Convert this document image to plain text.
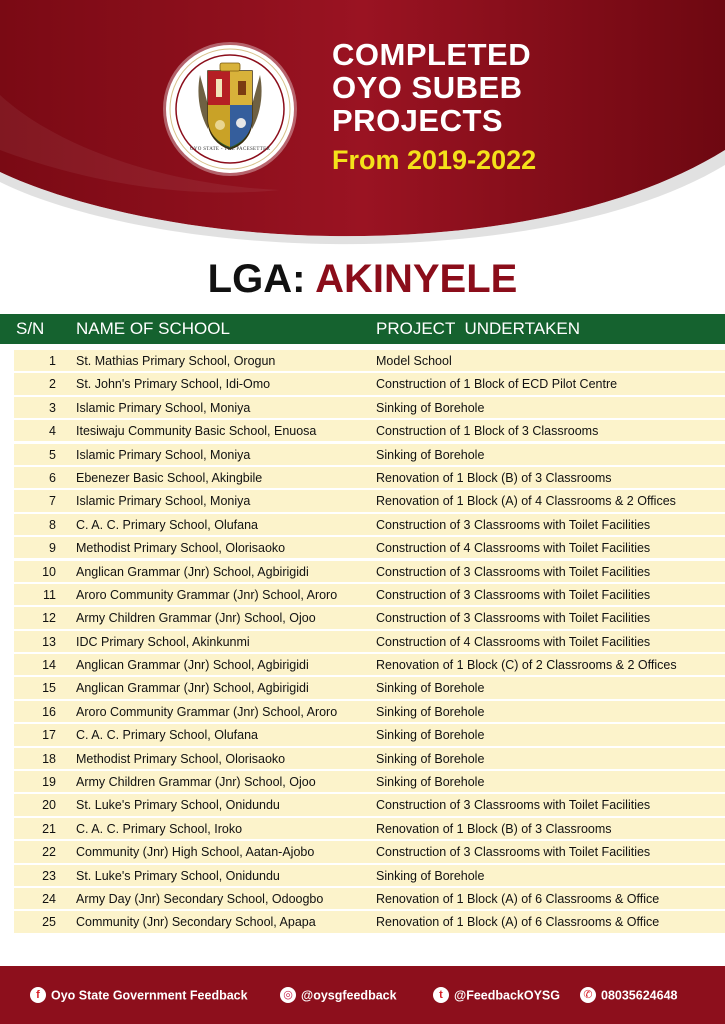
OYO STATE - THE PACESETTER
COMPLETED
OYO SUBEB
PROJECTS
From 2019-2022
LGA: AKINYELE
S/N NAME OF SCHOOL	PROJECT  UNDERTAKEN
1 St. Mathias Primary School, Orogun	Model School
2 St. John's Primary School, Idi-Omo	Construction of 1 Block of ECD Pilot Centre
3 Islamic Primary School, Moniya	Sinking of Borehole
4 Itesiwaju Community Basic School, Enuosa	Construction of 1 Block of 3 Classrooms
5 Islamic Primary School, Moniya	Sinking of Borehole
6 Ebenezer Basic School, Akingbile	Renovation of 1 Block (B) of 3 Classrooms
7 Islamic Primary School, Moniya	Renovation of 1 Block (A) of 4 Classrooms & 2 Offices
8 C. A. C. Primary School, Olufana	Construction of 3 Classrooms with Toilet Facilities
9 Methodist Primary School, Olorisaoko	Construction of 4 Classrooms with Toilet Facilities
10 Anglican Grammar (Jnr) School, Agbirigidi	Construction of 3 Classrooms with Toilet Facilities
11 Aroro Community Grammar (Jnr) School, Aroro	Construction of 3 Classrooms with Toilet Facilities
12 Army Children Grammar (Jnr) School, Ojoo	Construction of 3 Classrooms with Toilet Facilities
13 IDC Primary School, Akinkunmi	Construction of 4 Classrooms with Toilet Facilities
14 Anglican Grammar (Jnr) School, Agbirigidi	Renovation of 1 Block (C) of 2 Classrooms & 2 Offices
15 Anglican Grammar (Jnr) School, Agbirigidi	Sinking of Borehole
16 Aroro Community Grammar (Jnr) School, Aroro	Sinking of Borehole
17 C. A. C. Primary School, Olufana	Sinking of Borehole
18 Methodist Primary School, Olorisaoko	Sinking of Borehole
19 Army Children Grammar (Jnr) School, Ojoo	Sinking of Borehole
20 St. Luke's Primary School, Onidundu	Construction of 3 Classrooms with Toilet Facilities
21 C. A. C. Primary School, Iroko	Renovation of 1 Block (B) of 3 Classrooms
22 Community (Jnr) High School, Aatan-Ajobo	Construction of 3 Classrooms with Toilet Facilities
23 St. Luke's Primary School, Onidundu	Sinking of Borehole
24 Army Day (Jnr) Secondary School, Odoogbo	Renovation of 1 Block (A) of 6 Classrooms & Office
25 Community (Jnr) Secondary School, Apapa	Renovation of 1 Block (A) of 6 Classrooms & Office
f Oyo State Government Feedback	◎ @oysgfeedback	t @FeedbackOYSG	✆ 08035624648
